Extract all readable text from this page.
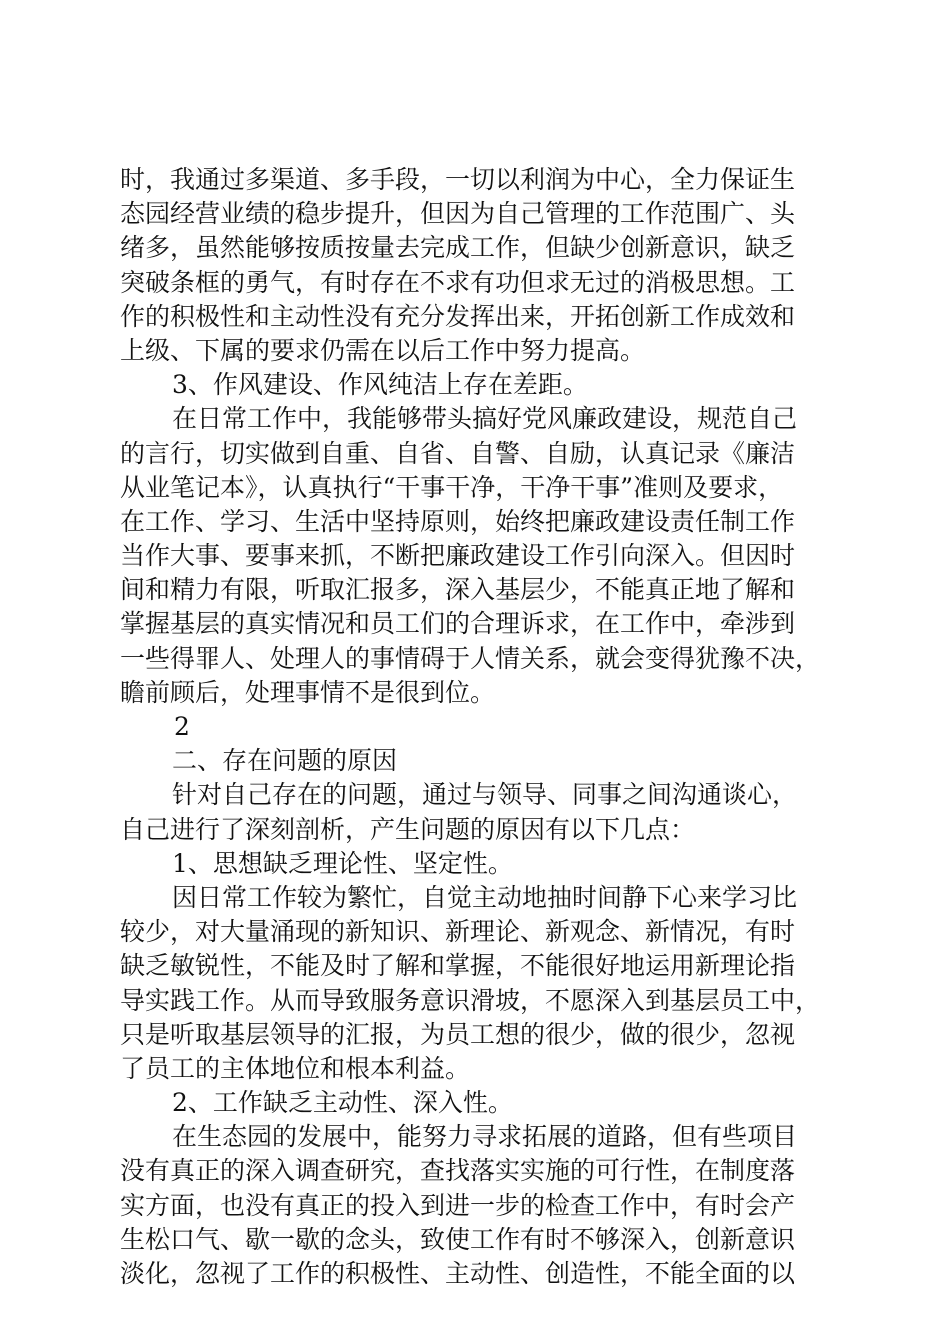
时，我通过多渠道、多手段，一切以利润为中心，全力保证生
态园经营业绩的稳步提升，但因为自己管理的工作范围广、头
绪多，虽然能够按质按量去完成工作，但缺少创新意识，缺乏
突破条框的勇气，有时存在不求有功但求无过的消极思想。工
作的积极性和主动性没有充分发挥出来，开拓创新工作成效和
上级、下属的要求仍需在以后工作中努力提高。
3、作风建设、作风纯洁上存在差距。
在日常工作中，我能够带头搞好党风廉政建设，规范自己
的言行，切实做到自重、自省、自警、自励，认真记录《廉洁
从业笔记本》，认真执行“干事干净，干净干事”准则及要求，
在工作、学习、生活中坚持原则，始终把廉政建设责任制工作
当作大事、要事来抓，不断把廉政建设工作引向深入。但因时
间和精力有限，听取汇报多，深入基层少，不能真正地了解和
掌握基层的真实情况和员工们的合理诉求，在工作中，牵涉到
一些得罪人、处理人的事情碍于人情关系，就会变得犹豫不决，
瞻前顾后，处理事情不是很到位。
2
二、存在问题的原因
针对自己存在的问题，通过与领导、同事之间沟通谈心，
自己进行了深刻剖析，产生问题的原因有以下几点：
1、思想缺乏理论性、坚定性。
因日常工作较为繁忙，自觉主动地抽时间静下心来学习比
较少，对大量涌现的新知识、新理论、新观念、新情况，有时
缺乏敏锐性，不能及时了解和掌握，不能很好地运用新理论指
导实践工作。从而导致服务意识滑坡，不愿深入到基层员工中，
只是听取基层领导的汇报，为员工想的很少，做的很少，忽视
了员工的主体地位和根本利益。
2、工作缺乏主动性、深入性。
在生态园的发展中，能努力寻求拓展的道路，但有些项目
没有真正的深入调查研究，查找落实实施的可行性，在制度落
实方面，也没有真正的投入到进一步的检查工作中，有时会产
生松口气、歇一歇的念头，致使工作有时不够深入，创新意识
淡化，忽视了工作的积极性、主动性、创造性，不能全面的以
